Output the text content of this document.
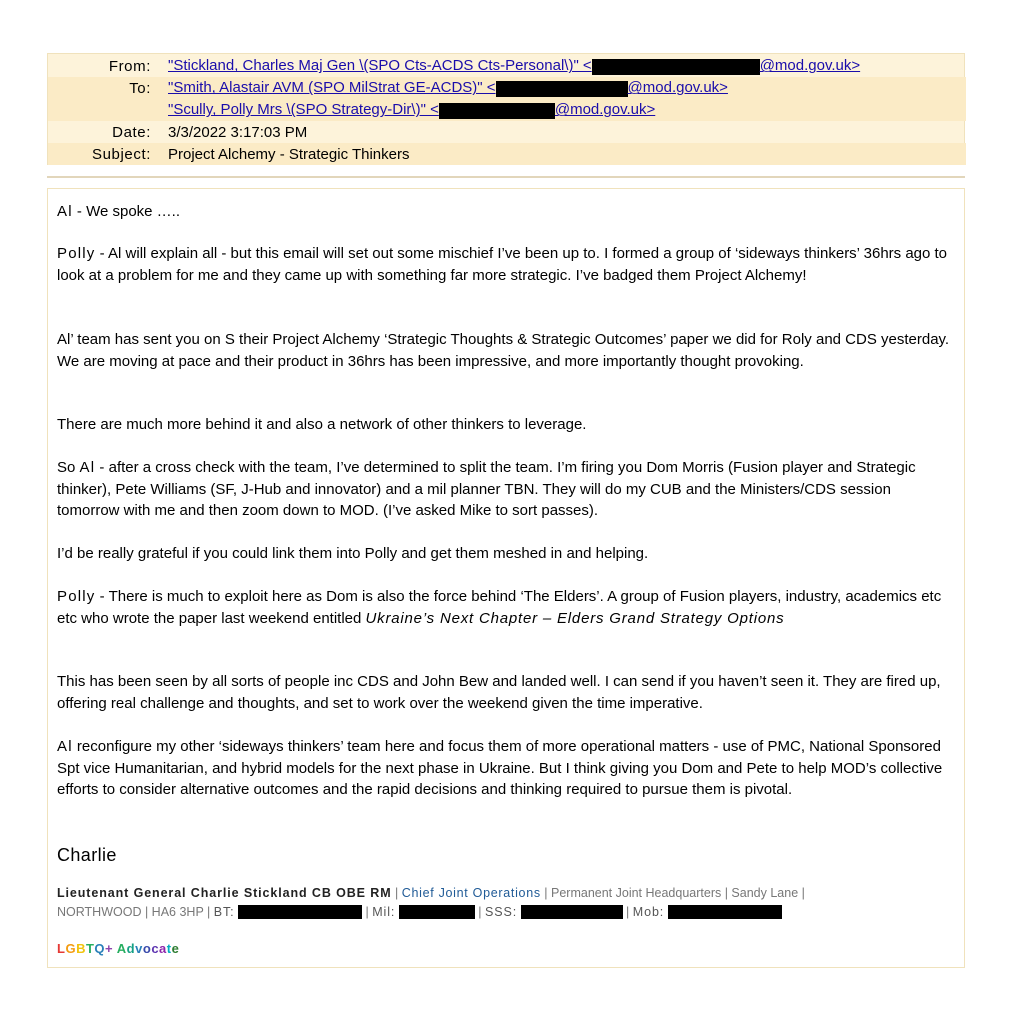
From:	"Stickland, Charles Maj Gen \(SPO Cts-ACDS Cts-Personal\)" <	@mod.gov.uk>
To:	"Smith, Alastair AVM (SPO MilStrat GE-ACDS)" <	@mod.gov.uk>
"Scully, Polly Mrs \(SPO Strategy-Dir\)" <	@mod.gov.uk>
Date:	3/3/2022 3:17:03 PM
Subject:	Project Alchemy - Strategic Thinkers
Al - We spoke …..
Polly - Al will explain all - but this email will set out some mischief I’ve been up to. I formed a group of ‘sideways thinkers’ 36hrs ago to look at a problem for me and they came up with something far more strategic. I’ve badged them Project Alchemy!
Al’ team has sent you on S their Project Alchemy ‘Strategic Thoughts & Strategic Outcomes’ paper we did for Roly and CDS yesterday. We are moving at pace and their product in 36hrs has been impressive, and more importantly thought provoking.
There are much more behind it and also a network of other thinkers to leverage.
So Al - after a cross check with the team, I’ve determined to split the team. I’m firing you Dom Morris (Fusion player and Strategic thinker), Pete Williams (SF, J-Hub and innovator) and a mil planner TBN. They will do my CUB and the Ministers/CDS session tomorrow with me and then zoom down to MOD. (I’ve asked Mike to sort passes).
I’d be really grateful if you could link them into Polly and get them meshed in and helping.
Polly - There is much to exploit here as Dom is also the force behind ‘The Elders’. A group of Fusion players, industry, academics etc etc who wrote the paper last weekend entitled Ukraine’s Next Chapter – Elders Grand Strategy Options
This has been seen by all sorts of people inc CDS and John Bew and landed well. I can send if you haven’t seen it. They are fired up, offering real challenge and thoughts, and set to work over the weekend given the time imperative.
Al reconfigure my other ‘sideways thinkers’ team here and focus them of more operational matters - use of PMC, National Sponsored Spt vice Humanitarian, and hybrid models for the next phase in Ukraine. But I think giving you Dom and Pete to help MOD’s collective efforts to consider alternative outcomes and the rapid decisions and thinking required to pursue them is pivotal.
Charlie
Lieutenant General Charlie Stickland CB OBE RM | Chief Joint Operations | Permanent Joint Headquarters | Sandy Lane |
NORTHWOOD | HA6 3HP |
BT:

	|
Mil:

	|
SSS:

	|
Mob:

LGBTQ+ Advocate
